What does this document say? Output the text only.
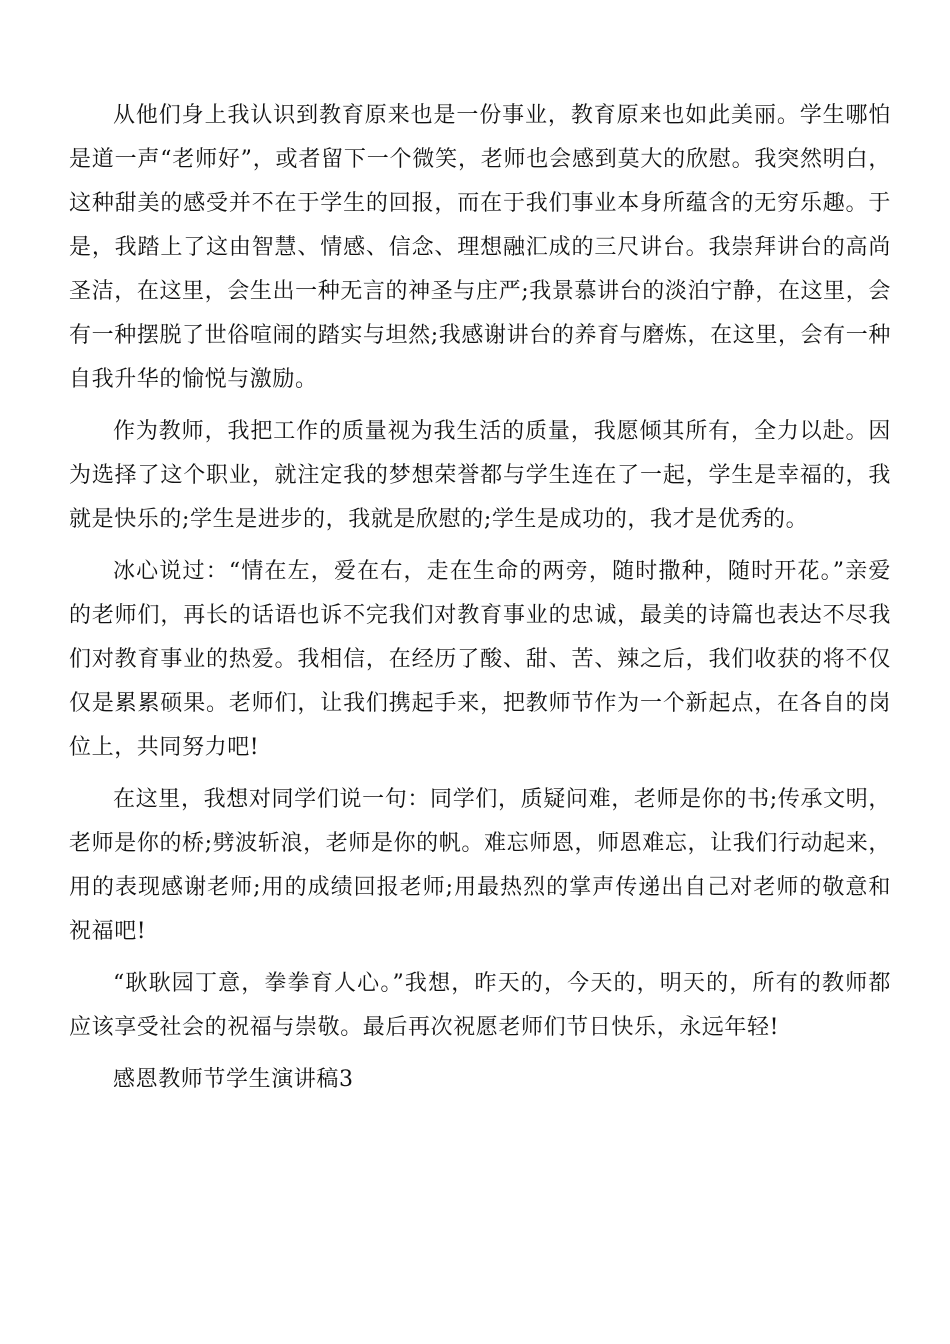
从他们身上我认识到教育原来也是一份事业，教育原来也如此美丽。学生哪怕是道一声“老师好”，或者留下一个微笑，老师也会感到莫大的欣慰。我突然明白，这种甜美的感受并不在于学生的回报，而在于我们事业本身所蕴含的无穷乐趣。于是，我踏上了这由智慧、情感、信念、理想融汇成的三尺讲台。我崇拜讲台的高尚圣洁，在这里，会生出一种无言的神圣与庄严;我景慕讲台的淡泊宁静，在这里，会有一种摆脱了世俗喧闹的踏实与坦然;我感谢讲台的养育与磨炼，在这里，会有一种自我升华的愉悦与激励。

作为教师，我把工作的质量视为我生活的质量，我愿倾其所有，全力以赴。因为选择了这个职业，就注定我的梦想荣誉都与学生连在了一起，学生是幸福的，我就是快乐的;学生是进步的，我就是欣慰的;学生是成功的，我才是优秀的。

冰心说过：“情在左，爱在右，走在生命的两旁，随时撒种，随时开花。”亲爱的老师们，再长的话语也诉不完我们对教育事业的忠诚，最美的诗篇也表达不尽我们对教育事业的热爱。我相信，在经历了酸、甜、苦、辣之后，我们收获的将不仅仅是累累硕果。老师们，让我们携起手来，把教师节作为一个新起点，在各自的岗位上，共同努力吧!

在这里，我想对同学们说一句：同学们，质疑问难，老师是你的书;传承文明，老师是你的桥;劈波斩浪，老师是你的帆。难忘师恩，师恩难忘，让我们行动起来，用的表现感谢老师;用的成绩回报老师;用最热烈的掌声传递出自己对老师的敬意和祝福吧!

“耿耿园丁意，拳拳育人心。”我想，昨天的，今天的，明天的，所有的教师都应该享受社会的祝福与崇敬。最后再次祝愿老师们节日快乐，永远年轻!

感恩教师节学生演讲稿3
